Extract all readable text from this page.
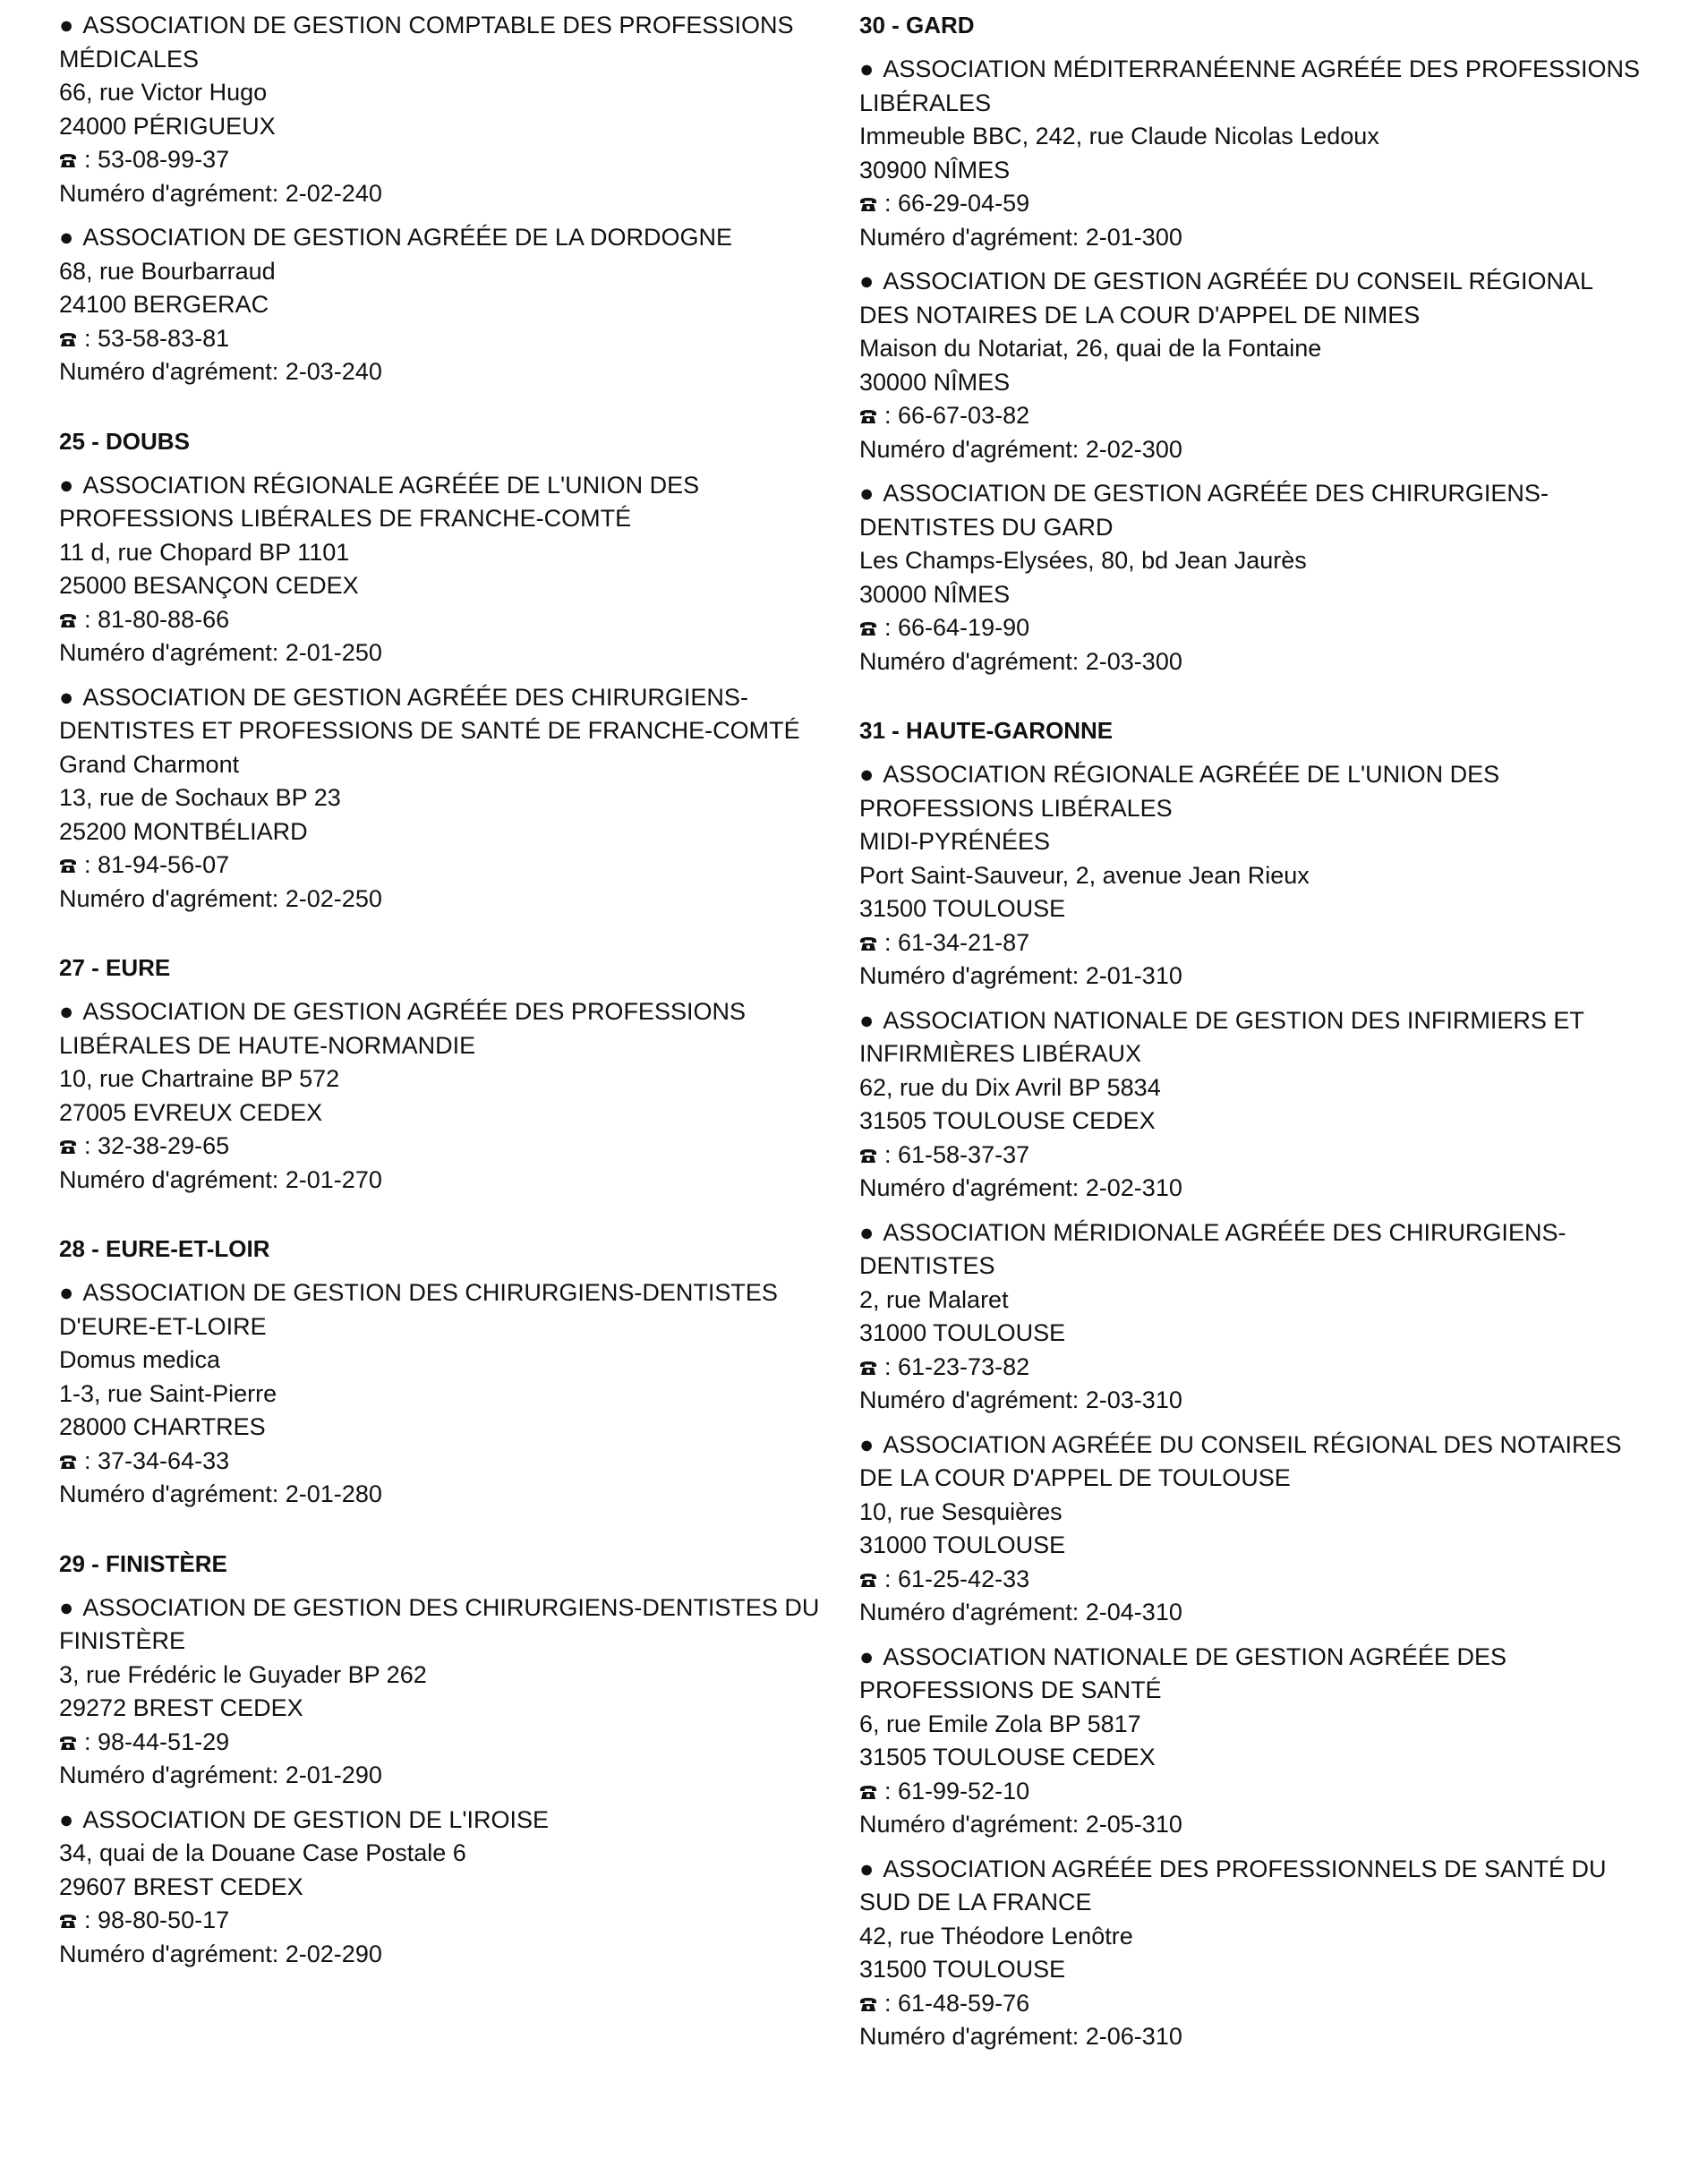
● ASSOCIATION DE GESTION COMPTABLE DES PROFESSIONS MÉDICALES
66, rue Victor Hugo
24000 PÉRIGUEUX
: 53-08-99-37
Numéro d'agrément: 2-02-240
● ASSOCIATION DE GESTION AGRÉÉE DE LA DORDOGNE
68, rue Bourbarraud
24100 BERGERAC
: 53-58-83-81
Numéro d'agrément: 2-03-240
25 - DOUBS
● ASSOCIATION RÉGIONALE AGRÉÉE DE L'UNION DES PROFESSIONS LIBÉRALES DE FRANCHE-COMTÉ
11 d, rue Chopard BP 1101
25000 BESANÇON CEDEX
: 81-80-88-66
Numéro d'agrément: 2-01-250
● ASSOCIATION DE GESTION AGRÉÉE DES CHIRURGIENS-DENTISTES ET PROFESSIONS DE SANTÉ DE FRANCHE-COMTÉ
Grand Charmont
13, rue de Sochaux BP 23
25200 MONTBÉLIARD
: 81-94-56-07
Numéro d'agrément: 2-02-250
27 - EURE
● ASSOCIATION DE GESTION AGRÉÉE DES PROFESSIONS LIBÉRALES DE HAUTE-NORMANDIE
10, rue Chartraine BP 572
27005 EVREUX CEDEX
: 32-38-29-65
Numéro d'agrément: 2-01-270
28 - EURE-ET-LOIR
● ASSOCIATION DE GESTION DES CHIRURGIENS-DENTISTES D'EURE-ET-LOIRE
Domus medica
1-3, rue Saint-Pierre
28000 CHARTRES
: 37-34-64-33
Numéro d'agrément: 2-01-280
29 - FINISTÈRE
● ASSOCIATION DE GESTION DES CHIRURGIENS-DENTISTES DU FINISTÈRE
3, rue Frédéric le Guyader BP 262
29272 BREST CEDEX
: 98-44-51-29
Numéro d'agrément: 2-01-290
● ASSOCIATION DE GESTION DE L'IROISE
34, quai de la Douane Case Postale 6
29607 BREST CEDEX
: 98-80-50-17
Numéro d'agrément: 2-02-290
30 - GARD
● ASSOCIATION MÉDITERRANÉENNE AGRÉÉE DES PROFESSIONS LIBÉRALES
Immeuble BBC, 242, rue Claude Nicolas Ledoux
30900 NÎMES
: 66-29-04-59
Numéro d'agrément: 2-01-300
● ASSOCIATION DE GESTION AGRÉÉE DU CONSEIL RÉGIONAL DES NOTAIRES DE LA COUR D'APPEL DE NIMES
Maison du Notariat, 26, quai de la Fontaine
30000 NÎMES
: 66-67-03-82
Numéro d'agrément: 2-02-300
● ASSOCIATION DE GESTION AGRÉÉE DES CHIRURGIENS-DENTISTES DU GARD
Les Champs-Elysées, 80, bd Jean Jaurès
30000 NÎMES
: 66-64-19-90
Numéro d'agrément: 2-03-300
31 - HAUTE-GARONNE
● ASSOCIATION RÉGIONALE AGRÉÉE DE L'UNION DES PROFESSIONS LIBÉRALES
MIDI-PYRÉNÉES
Port Saint-Sauveur, 2, avenue Jean Rieux
31500 TOULOUSE
: 61-34-21-87
Numéro d'agrément: 2-01-310
● ASSOCIATION NATIONALE DE GESTION DES INFIRMIERS ET INFIRMIÈRES LIBÉRAUX
62, rue du Dix Avril BP 5834
31505 TOULOUSE CEDEX
: 61-58-37-37
Numéro d'agrément: 2-02-310
● ASSOCIATION MÉRIDIONALE AGRÉÉE DES CHIRURGIENS-DENTISTES
2, rue Malaret
31000 TOULOUSE
: 61-23-73-82
Numéro d'agrément: 2-03-310
● ASSOCIATION AGRÉÉE DU CONSEIL RÉGIONAL DES NOTAIRES DE LA COUR D'APPEL DE TOULOUSE
10, rue Sesquières
31000 TOULOUSE
: 61-25-42-33
Numéro d'agrément: 2-04-310
● ASSOCIATION NATIONALE DE GESTION AGRÉÉE DES PROFESSIONS DE SANTÉ
6, rue Emile Zola BP 5817
31505 TOULOUSE CEDEX
: 61-99-52-10
Numéro d'agrément: 2-05-310
● ASSOCIATION AGRÉÉE DES PROFESSIONNELS DE SANTÉ DU SUD DE LA FRANCE
42, rue Théodore Lenôtre
31500 TOULOUSE
: 61-48-59-76
Numéro d'agrément: 2-06-310
